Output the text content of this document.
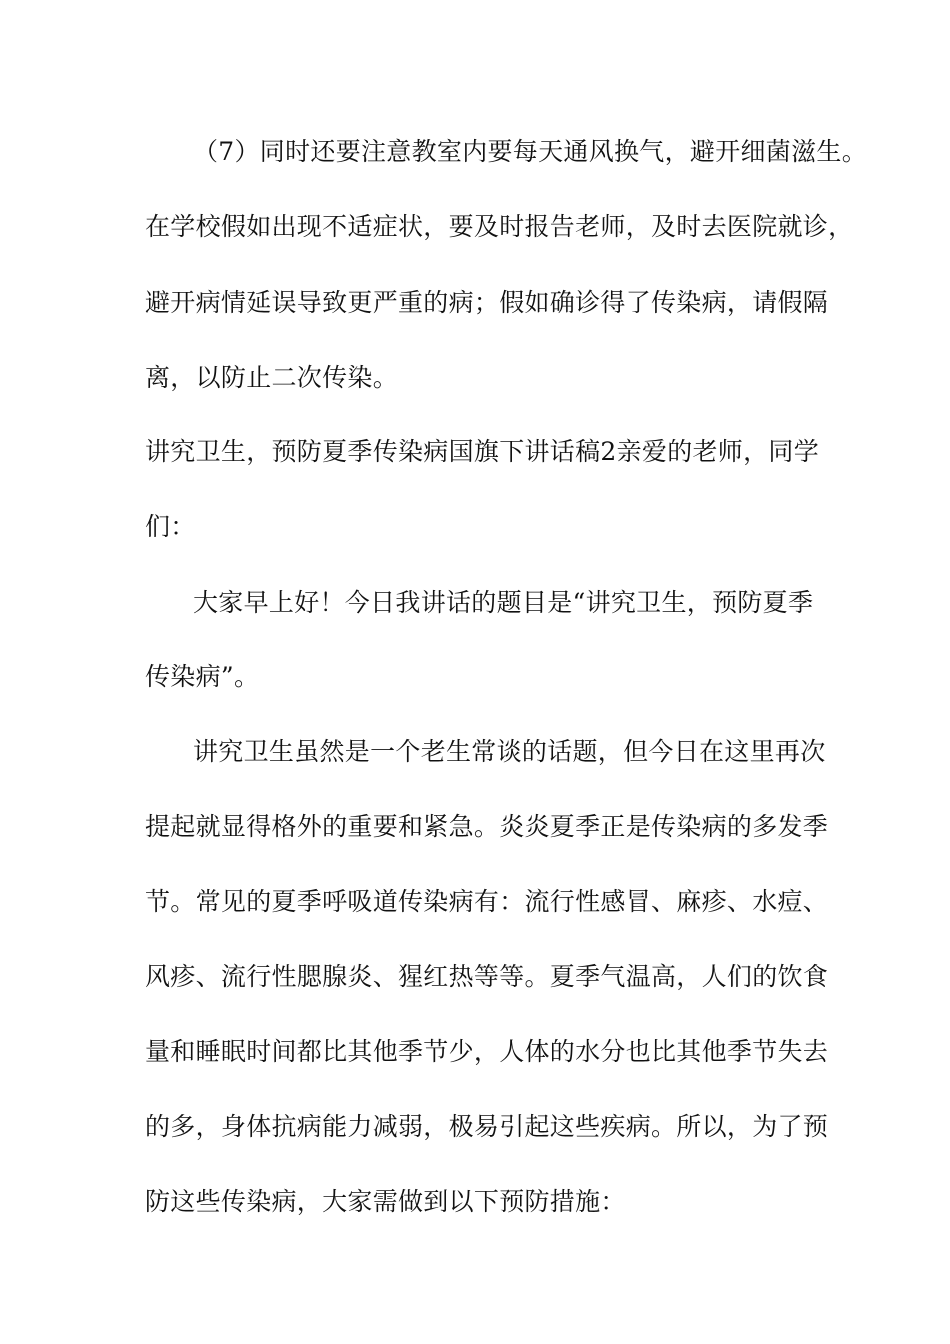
（7）同时还要注意教室内要每天通风换气，避开细菌滋生。

在学校假如出现不适症状，要及时报告老师，及时去医院就诊，

避开病情延误导致更严重的病；假如确诊得了传染病，请假隔

离，以防止二次传染。

讲究卫生，预防夏季传染病国旗下讲话稿2亲爱的老师，同学

们：

大家早上好！今日我讲话的题目是“讲究卫生，预防夏季

传染病”。

讲究卫生虽然是一个老生常谈的话题，但今日在这里再次

提起就显得格外的重要和紧急。炎炎夏季正是传染病的多发季

节。常见的夏季呼吸道传染病有：流行性感冒、麻疹、水痘、

风疹、流行性腮腺炎、猩红热等等。夏季气温高，人们的饮食

量和睡眠时间都比其他季节少，人体的水分也比其他季节失去

的多，身体抗病能力减弱，极易引起这些疾病。所以，为了预

防这些传染病，大家需做到以下预防措施：
